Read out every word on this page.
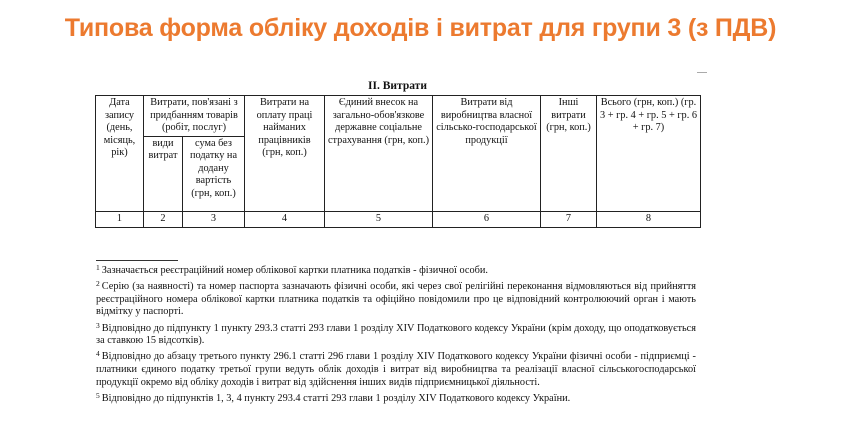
Типова форма обліку доходів і витрат для групи 3 (з ПДВ)
II. Витрати
Дата запису (день, місяць, рік)	Витрати, пов'язані з придбанням товарів (робіт, послуг)		Витрати на оплату праці найманих працівників (грн, коп.)	Єдиний внесок на загально-обов'язкове державне соціальне страхування (грн, коп.)	Витрати від виробництва власної сільсько-господарської продукції	Інші витрати (грн, коп.)	Всього (грн, коп.) (гр. 3 + гр. 4 + гр. 5 + гр. 6 + гр. 7)
	види витрат	сума без податку на додану вартість (грн, коп.)					
1	2	3	4	5	6	7	8

$^1$ Зазначається реєстраційний номер облікової картки платника податків - фізичної особи.

$^2$ Серію (за наявності) та номер паспорта зазначають фізичні особи, які через свої релігійні переконання відмовляються від прийняття реєстраційного номера облікової картки платника податків та офіційно повідомили про це відповідний контролюючий орган і мають відмітку у паспорті.

$^3$ Відповідно до підпункту 1 пункту 293.3 статті 293 глави 1 розділу XIV Податкового кодексу України (крім доходу, що оподатковується за ставкою 15 відсотків).

$^4$ Відповідно до абзацу третього пункту 296.1 статті 296 глави 1 розділу XIV Податкового кодексу України фізичні особи - підприємці - платники єдиного податку третьої групи ведуть облік доходів і витрат від виробництва та реалізації власної сільськогосподарської продукції окремо від обліку доходів і витрат від здійснення інших видів підприємницької діяльності.

$^5$ Відповідно до підпунктів 1, 3, 4 пункту 293.4 статті 293 глави 1 розділу XIV Податкового кодексу України.
